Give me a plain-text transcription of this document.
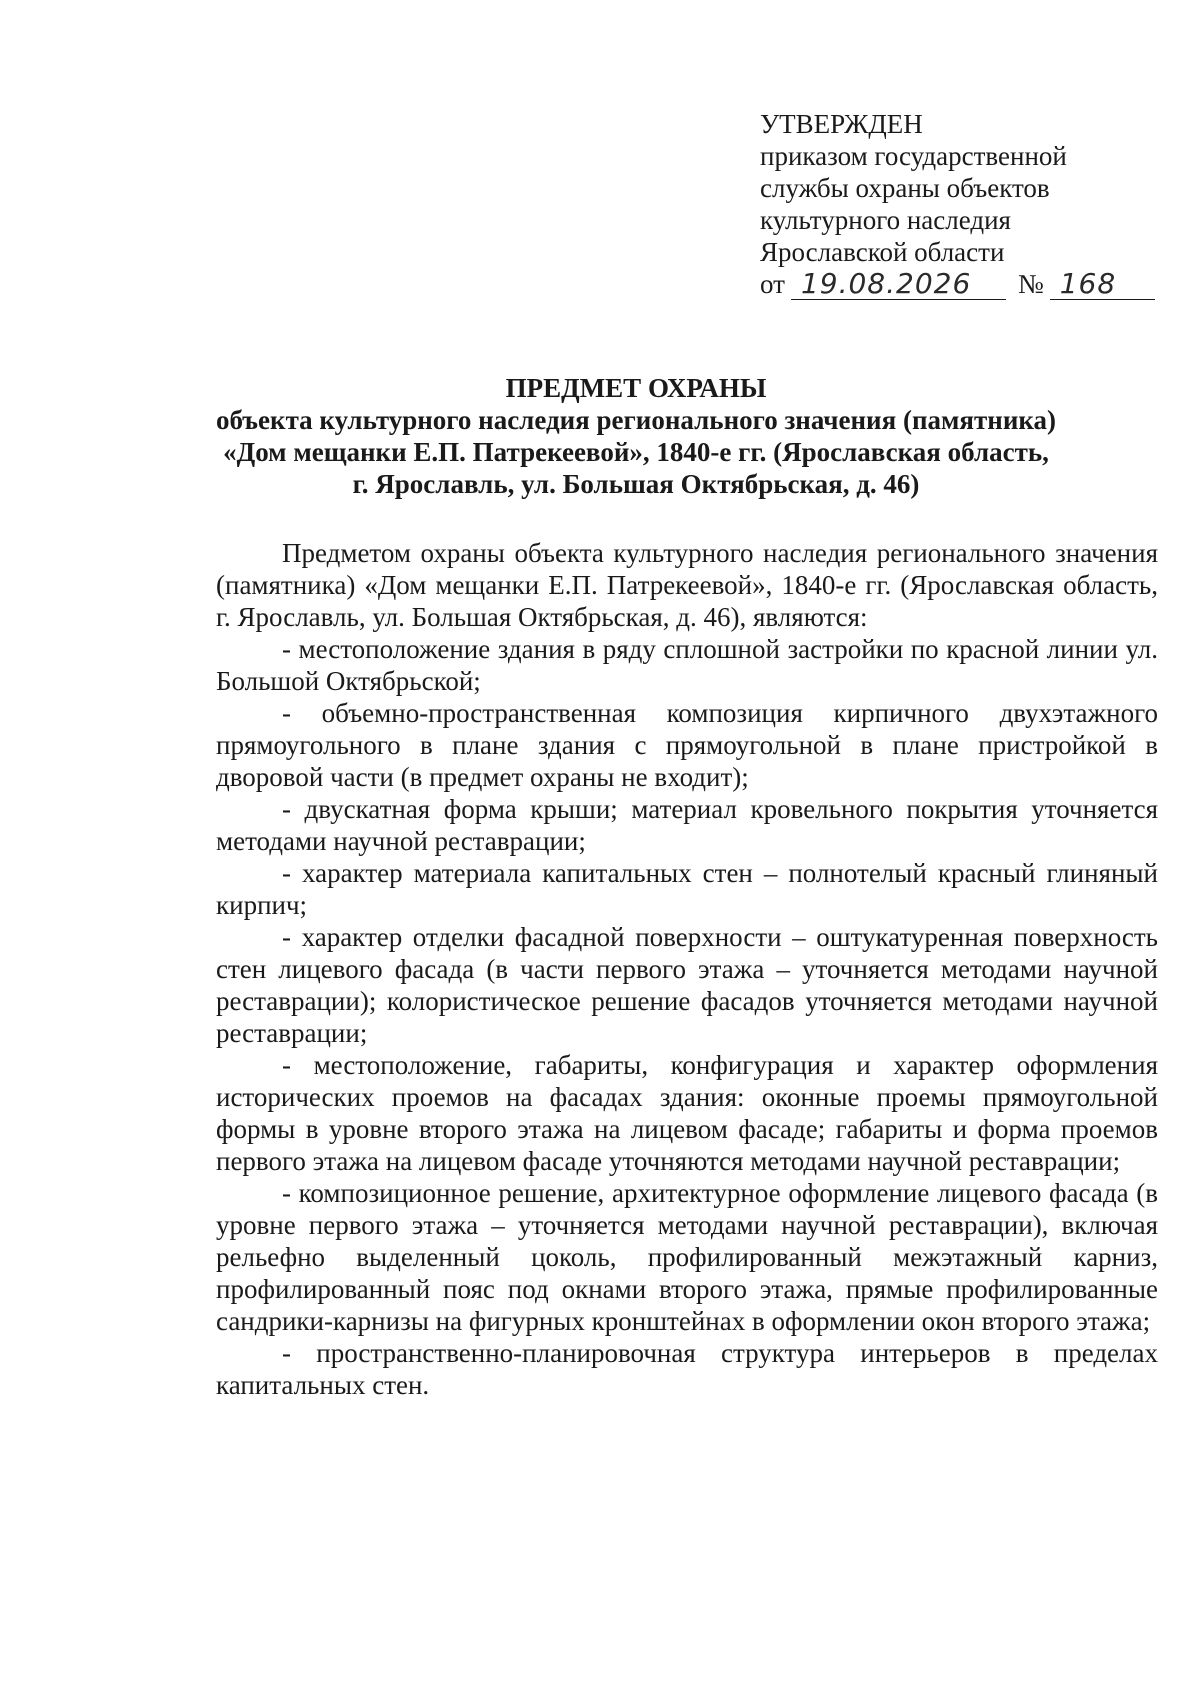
УТВЕРЖДЕН
приказом государственной
службы охраны объектов
культурного наследия
Ярославской области
от 19.08.2026	№ 168
ПРЕДМЕТ ОХРАНЫ
объекта культурного наследия регионального значения (памятника)
«Дом мещанки Е.П. Патрекеевой», 1840-е гг. (Ярославская область,
г. Ярославль, ул. Большая Октябрьская, д. 46)

Предметом охраны объекта культурного наследия регионального значения (памятника) «Дом мещанки Е.П. Патрекеевой», 1840-е гг. (Ярославская область, г. Ярославль, ул. Большая Октябрьская, д. 46), являются:

- местоположение здания в ряду сплошной застройки по красной линии ул. Большой Октябрьской;

- объемно-пространственная композиция кирпичного двухэтажного прямоугольного в плане здания с прямоугольной в плане пристройкой в дворовой части (в предмет охраны не входит);

- двускатная форма крыши; материал кровельного покрытия уточняется методами научной реставрации;

- характер материала капитальных стен – полнотелый красный глиняный кирпич;

- характер отделки фасадной поверхности – оштукатуренная поверхность стен лицевого фасада (в части первого этажа – уточняется методами научной реставрации); колористическое решение фасадов уточняется методами научной реставрации;

- местоположение, габариты, конфигурация и характер оформления исторических проемов на фасадах здания: оконные проемы прямоугольной формы в уровне второго этажа на лицевом фасаде; габариты и форма проемов первого этажа на лицевом фасаде уточняются методами научной реставрации;

- композиционное решение, архитектурное оформление лицевого фасада (в уровне первого этажа – уточняется методами научной реставрации), включая рельефно выделенный цоколь, профилированный межэтажный карниз, профилированный пояс под окнами второго этажа, прямые профилированные сандрики-карнизы на фигурных кронштейнах в оформлении окон второго этажа;

- пространственно-планировочная структура интерьеров в пределах капитальных стен.
